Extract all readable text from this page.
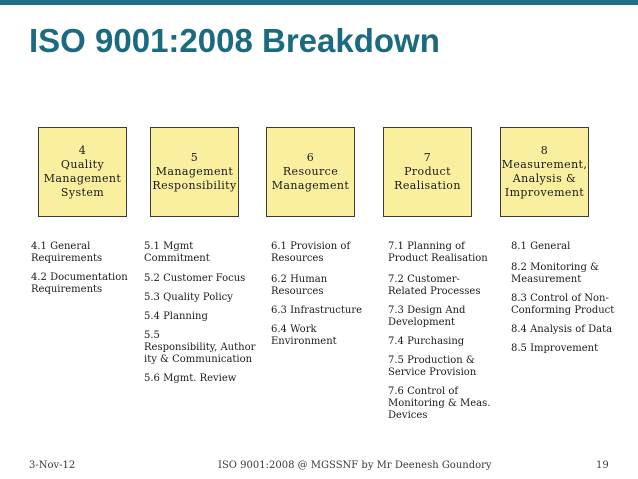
ISO 9001:2008 Breakdown
4
Quality
Management
System
5
Management
Responsibility
6
Resource
Management
7
Product
Realisation
8
Measurement,
Analysis &
Improvement
4.1 General
Requirements
4.2 Documentation
Requirements
5.1 Mgmt
Commitment
5.2 Customer Focus
5.3 Quality Policy
5.4 Planning
5.5
Responsibility, Author
ity & Communication
5.6 Mgmt. Review
6.1 Provision of
Resources
6.2 Human
Resources
6.3 Infrastructure
6.4 Work
Environment
7.1 Planning of
Product Realisation
7.2 Customer-
Related Processes
7.3 Design And
Development
7.4 Purchasing
7.5 Production &
Service Provision
7.6 Control of
Monitoring & Meas.
Devices
8.1 General
8.2 Monitoring &
Measurement
8.3 Control of Non-
Conforming Product
8.4 Analysis of Data
8.5 Improvement
3-Nov-12	ISO 9001:2008 @ MGSSNF by Mr Deenesh Goundory	19
